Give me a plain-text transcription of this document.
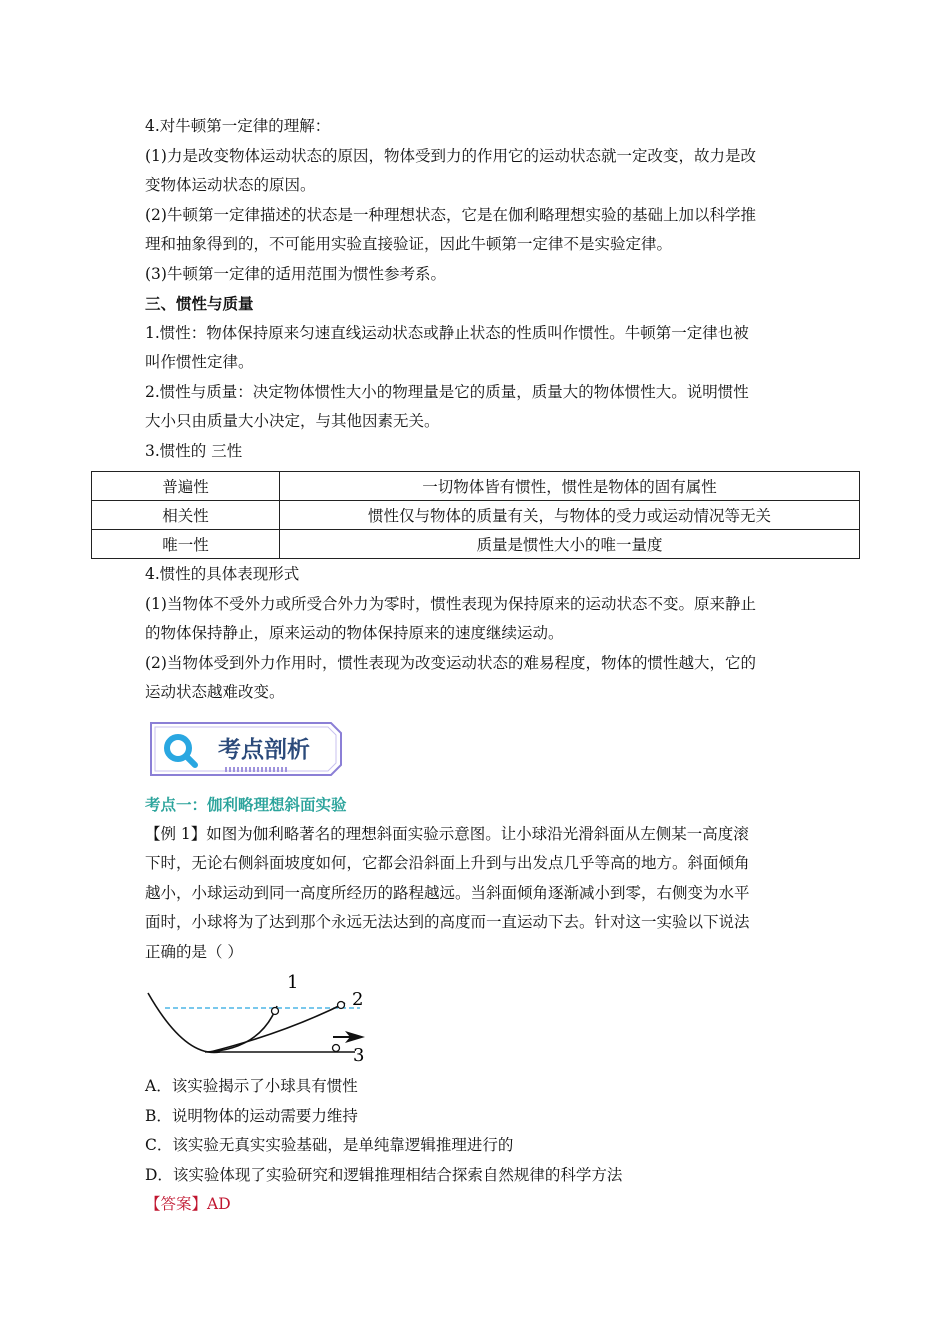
4.对牛顿第一定律的理解：
(1)力是改变物体运动状态的原因，物体受到力的作用它的运动状态就一定改变，故力是改
变物体运动状态的原因。
(2)牛顿第一定律描述的状态是一种理想状态，它是在伽利略理想实验的基础上加以科学推
理和抽象得到的，不可能用实验直接验证，因此牛顿第一定律不是实验定律。
(3)牛顿第一定律的适用范围为惯性参考系。
三、惯性与质量
1.惯性：物体保持原来匀速直线运动状态或静止状态的性质叫作惯性。牛顿第一定律也被
叫作惯性定律。
2.惯性与质量：决定物体惯性大小的物理量是它的质量，质量大的物体惯性大。说明惯性
大小只由质量大小决定，与其他因素无关。
3.惯性的 三性
普遍性	一切物体皆有惯性，惯性是物体的固有属性
相关性	惯性仅与物体的质量有关，与物体的受力或运动情况等无关
唯一性	质量是惯性大小的唯一量度
4.惯性的具体表现形式
(1)当物体不受外力或所受合外力为零时，惯性表现为保持原来的运动状态不变。原来静止
的物体保持静止，原来运动的物体保持原来的速度继续运动。
(2)当物体受到外力作用时，惯性表现为改变运动状态的难易程度，物体的惯性越大，它的
运动状态越难改变。
考点剖析
考点一：伽利略理想斜面实验
【例 1】如图为伽利略著名的理想斜面实验示意图。让小球沿光滑斜面从左侧某一高度滚
下时，无论右侧斜面坡度如何，它都会沿斜面上升到与出发点几乎等高的地方。斜面倾角
越小，小球运动到同一高度所经历的路程越远。当斜面倾角逐渐减小到零，右侧变为水平
面时，小球将为了达到那个永远无法达到的高度而一直运动下去。针对这一实验以下说法
正确的是（ ）
1
2
3
A．该实验揭示了小球具有惯性
B．说明物体的运动需要力维持
C．该实验无真实实验基础，是单纯靠逻辑推理进行的
D．该实验体现了实验研究和逻辑推理相结合探索自然规律的科学方法
【答案】AD
